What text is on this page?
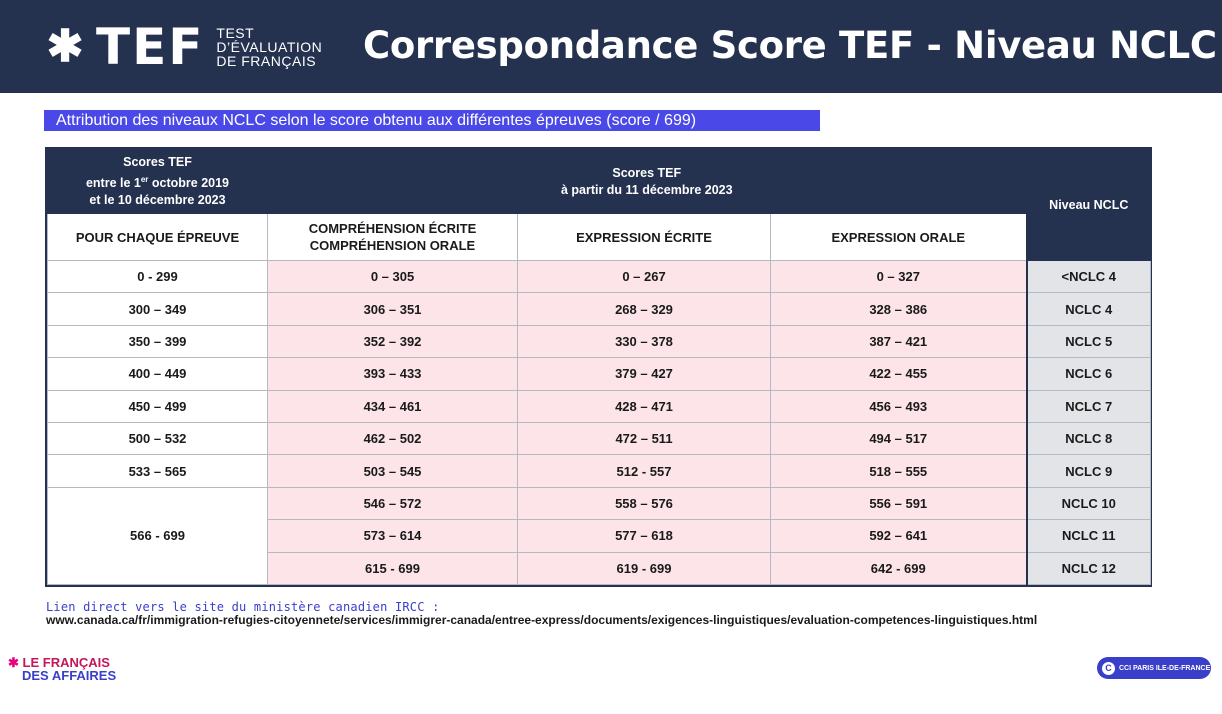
✱ TEF TEST
D’ÉVALUATION
DE FRANÇAIS Correspondance Score TEF - Niveau NCLC
Attribution des niveaux NCLC selon le score obtenu aux différentes épreuves (score / 699)
Scores TEF
entre le 1er octobre 2019
et le 10 décembre 2023	Scores TEF
à partir du 11 décembre 2023			Niveau NCLC
POUR CHAQUE ÉPREUVE	COMPRÉHENSION ÉCRITE
COMPRÉHENSION ORALE	EXPRESSION ÉCRITE	EXPRESSION ORALE	
0 - 299	0 – 305	0 – 267	0 – 327	<NCLC 4
300 – 349	306 – 351	268 – 329	328 – 386	NCLC 4
350 – 399	352 – 392	330 – 378	387 – 421	NCLC 5
400 – 449	393 – 433	379 – 427	422 – 455	NCLC 6
450 – 499	434 – 461	428 – 471	456 – 493	NCLC 7
500 – 532	462 – 502	472 – 511	494 – 517	NCLC 8
533 – 565	503 – 545	512 - 557	518 – 555	NCLC 9
566 - 699	546 – 572	558 – 576	556 – 591	NCLC 10
	573 – 614	577 – 618	592 – 641	NCLC 11
	615 - 699	619 - 699	642 - 699	NCLC 12
Lien direct vers le site du ministère canadien IRCC :
www.canada.ca/fr/immigration-refugies-citoyennete/services/immigrer-canada/entree-express/documents/exigences-linguistiques/evaluation-competences-linguistiques.html
✱ LE FRANÇAIS
DES AFFAIRES	C	CCI PARIS ILE-DE-FRANCE
